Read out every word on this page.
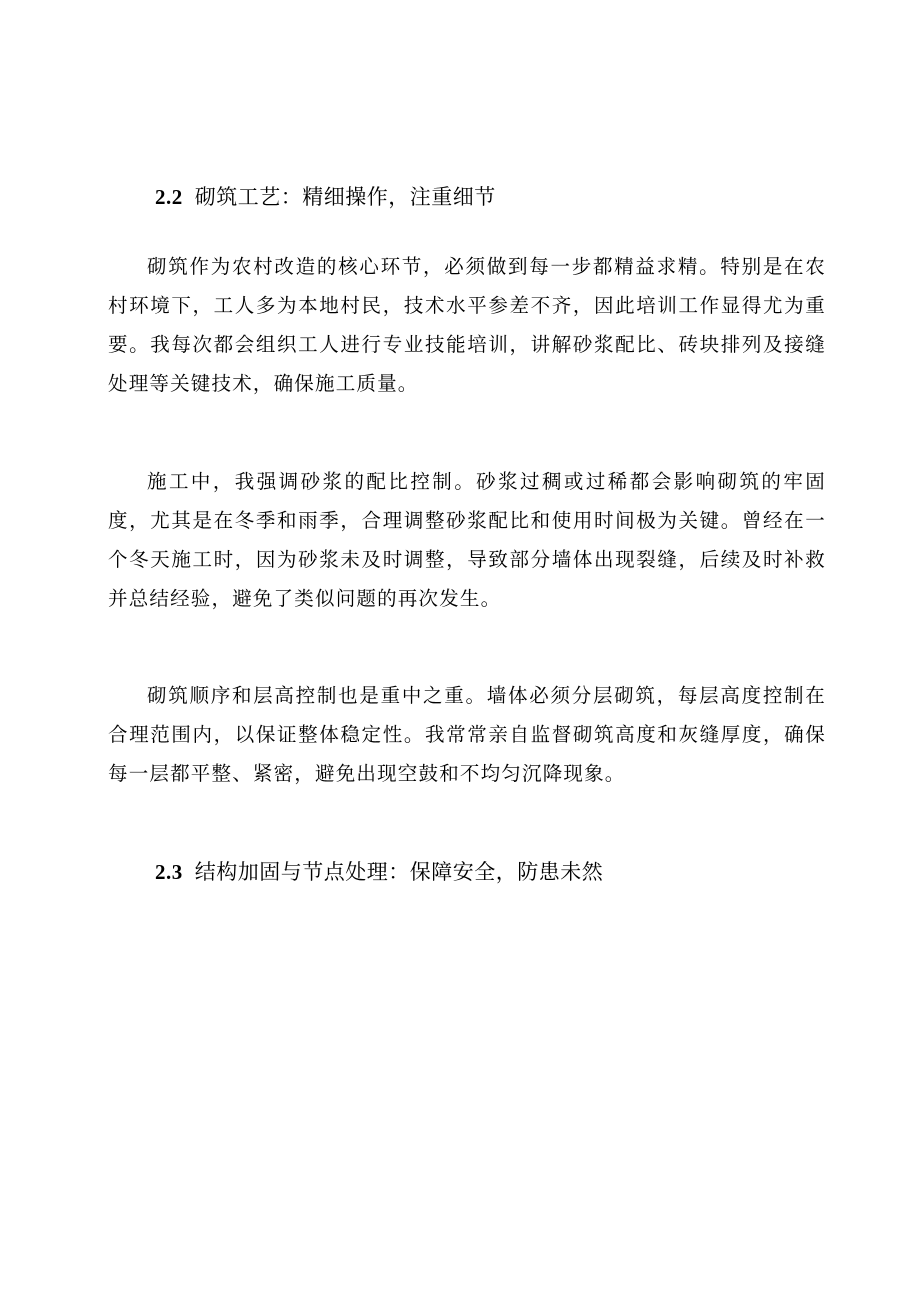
2.2 砌筑工艺：精细操作，注重细节

砌筑作为农村改造的核心环节，必须做到每一步都精益求精。特别是在农村环境下，工人多为本地村民，技术水平参差不齐，因此培训工作显得尤为重要。我每次都会组织工人进行专业技能培训，讲解砂浆配比、砖块排列及接缝处理等关键技术，确保施工质量。

施工中，我强调砂浆的配比控制。砂浆过稠或过稀都会影响砌筑的牢固度，尤其是在冬季和雨季，合理调整砂浆配比和使用时间极为关键。曾经在一个冬天施工时，因为砂浆未及时调整，导致部分墙体出现裂缝，后续及时补救并总结经验，避免了类似问题的再次发生。

砌筑顺序和层高控制也是重中之重。墙体必须分层砌筑，每层高度控制在合理范围内，以保证整体稳定性。我常常亲自监督砌筑高度和灰缝厚度，确保每一层都平整、紧密，避免出现空鼓和不均匀沉降现象。

2.3 结构加固与节点处理：保障安全，防患未然
